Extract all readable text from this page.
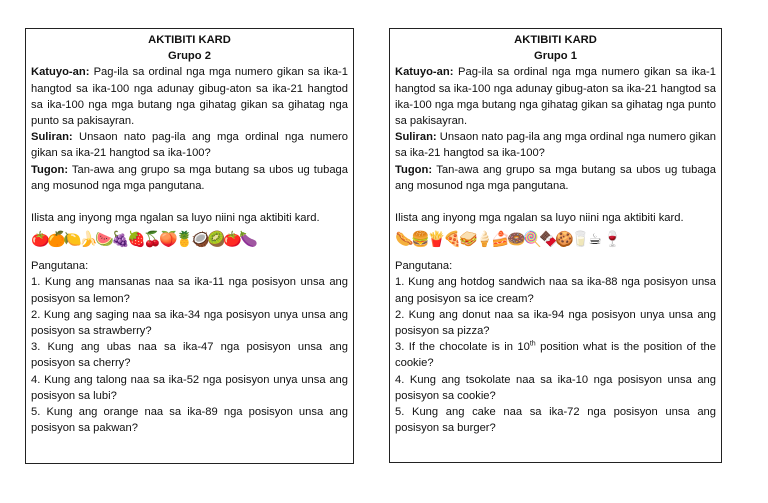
AKTIBITI KARD
Grupo 2

Katuyo-an: Pag-ila sa ordinal nga mga numero gikan sa ika-1 hangtod sa ika-100 nga adunay gibug-aton sa ika-21 hangtod sa ika-100 nga mga butang nga gihatag gikan sa gihatag nga punto sa pakisayran.

Suliran: Unsaon nato pag-ila ang mga ordinal nga numero gikan sa ika-21 hangtod sa ika-100?

Tugon: Tan-awa ang grupo sa mga butang sa ubos ug tubaga ang mosunod nga mga pangutana.

Ilista ang inyong mga ngalan sa luyo niini nga aktibiti kard.

🍅
🍊
🍋
🍌
🍉
🍇
🍓
🍒
🍑
🍍
🥥
🥝
🍅
🍆

Pangutana:

1. Kung ang mansanas naa sa ika-11 nga posisyon unsa ang posisyon sa lemon?

2. Kung ang saging naa sa ika-34 nga posisyon unya unsa ang posisyon sa strawberry?

3. Kung ang ubas naa sa ika-47 nga posisyon unsa ang posisyon sa cherry?

4. Kung ang talong naa sa ika-52 nga posisyon unya unsa ang posisyon sa lubi?

5. Kung ang orange naa sa ika-89 nga posisyon unsa ang posisyon sa pakwan?

AKTIBITI KARD
Grupo 1

Katuyo-an: Pag-ila sa ordinal nga mga numero gikan sa ika-1 hangtod sa ika-100 nga adunay gibug-aton sa ika-21 hangtod sa ika-100 nga mga butang nga gihatag gikan sa gihatag nga punto sa pakisayran.

Suliran: Unsaon nato pag-ila ang mga ordinal nga numero gikan sa ika-21 hangtod sa ika-100?

Tugon: Tan-awa ang grupo sa mga butang sa ubos ug tubaga ang mosunod nga mga pangutana.

Ilista ang inyong mga ngalan sa luyo niini nga aktibiti kard.

🌭
🍔
🍟
🍕
🥪
🍦
🍰
🍩
🍭
🍫
🍪
🥛
☕ 🍷

Pangutana:

1. Kung ang hotdog sandwich naa sa ika-88 nga posisyon unsa ang posisyon sa ice cream?

2. Kung ang donut naa sa ika-94 nga posisyon unya unsa ang posisyon sa pizza?

3. If the chocolate is in 10th position what is the position of the cookie?

4. Kung ang tsokolate naa sa ika-10 nga posisyon unsa ang posisyon sa cookie?

5. Kung ang cake naa sa ika-72 nga posisyon unsa ang posisyon sa burger?
